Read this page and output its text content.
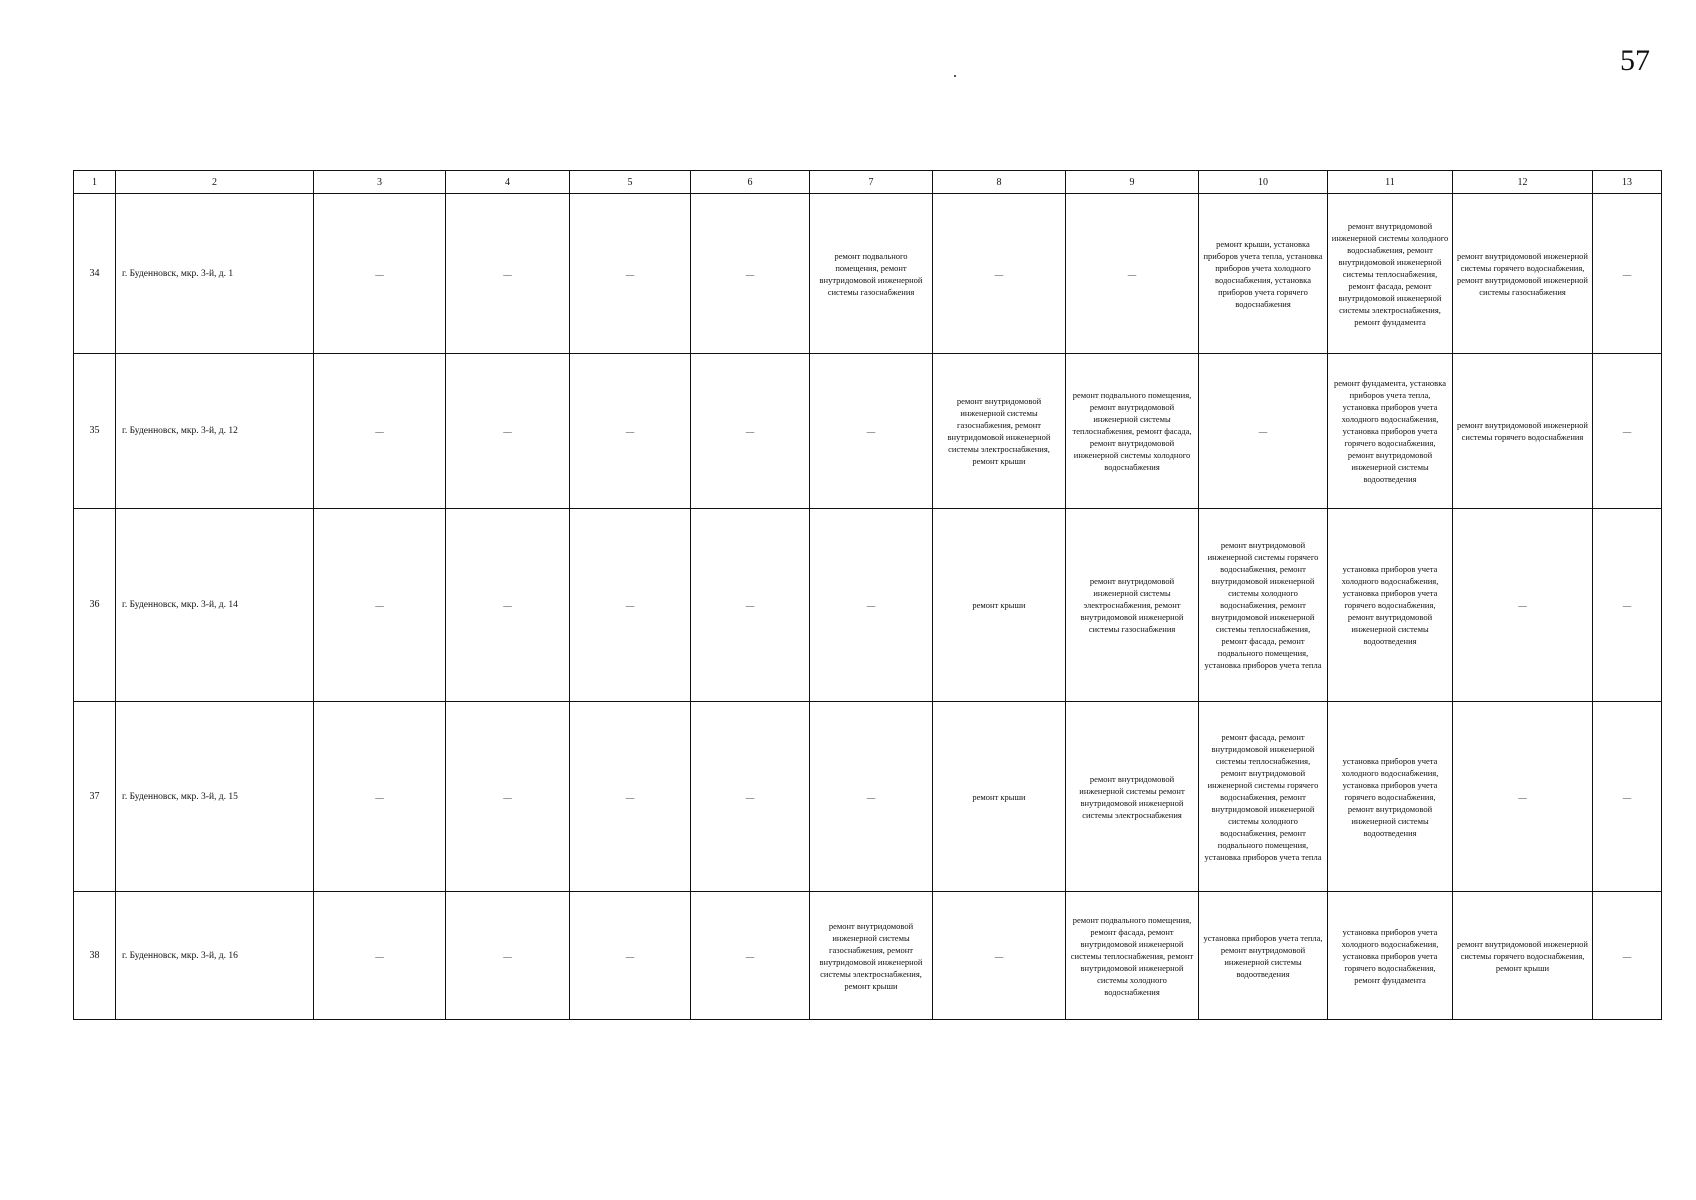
57
1	2	3	4	5	6	7	8	9	10	11	12	13
34	г. Буденновск, мкр. 3-й, д. 1	—	—	—	—	ремонт подвального помещения, ремонт внутридомовой инженерной системы газоснабжения	—	—	ремонт крыши, установка приборов учета тепла, установка приборов учета холодного водоснабжения, установка приборов учета горячего водоснабжения	ремонт внутридомовой инженерной системы холодного водоснабжения, ремонт внутридомовой инженерной системы теплоснабжения, ремонт фасада, ремонт внутридомовой инженерной системы электроснабжения, ремонт фундамента	ремонт внутридомовой инженерной системы горячего водоснабжения, ремонт внутридомовой инженерной системы газоснабжения	—
35	г. Буденновск, мкр. 3-й, д. 12	—	—	—	—	—	ремонт внутридомовой инженерной системы газоснабжения, ремонт внутридомовой инженерной системы электроснабжения, ремонт крыши	ремонт подвального помещения, ремонт внутридомовой инженерной системы теплоснабжения, ремонт фасада, ремонт внутридомовой инженерной системы холодного водоснабжения	—	ремонт фундамента, установка приборов учета тепла, установка приборов учета холодного водоснабжения, установка приборов учета горячего водоснабжения, ремонт внутридомовой инженерной системы водоотведения	ремонт внутридомовой инженерной системы горячего водоснабжения	—
36	г. Буденновск, мкр. 3-й, д. 14	—	—	—	—	—	ремонт крыши	ремонт внутридомовой инженерной системы электроснабжения, ремонт внутридомовой инженерной системы газоснабжения	ремонт внутридомовой инженерной системы горячего водоснабжения, ремонт внутридомовой инженерной системы холодного водоснабжения, ремонт внутридомовой инженерной системы теплоснабжения, ремонт фасада, ремонт подвального помещения, установка приборов учета тепла	установка приборов учета холодного водоснабжения, установка приборов учета горячего водоснабжения, ремонт внутридомовой инженерной системы водоотведения	—	—
37	г. Буденновск, мкр. 3-й, д. 15	—	—	—	—	—	ремонт крыши	ремонт внутридомовой инженерной системы ремонт внутридомовой инженерной системы электроснабжения	ремонт фасада, ремонт внутридомовой инженерной системы теплоснабжения, ремонт внутридомовой инженерной системы горячего водоснабжения, ремонт внутридомовой инженерной системы холодного водоснабжения, ремонт подвального помещения, установка приборов учета тепла	установка приборов учета холодного водоснабжения, установка приборов учета горячего водоснабжения, ремонт внутридомовой инженерной системы водоотведения	—	—
38	г. Буденновск, мкр. 3-й, д. 16	—	—	—	—	ремонт внутридомовой инженерной системы газоснабжения, ремонт внутридомовой инженерной системы электроснабжения, ремонт крыши	—	ремонт подвального помещения, ремонт фасада, ремонт внутридомовой инженерной системы теплоснабжения, ремонт внутридомовой инженерной системы холодного водоснабжения	установка приборов учета тепла, ремонт внутридомовой инженерной системы водоотведения	установка приборов учета холодного водоснабжения, установка приборов учета горячего водоснабжения, ремонт фундамента	ремонт внутридомовой инженерной системы горячего водоснабжения, ремонт крыши	—
